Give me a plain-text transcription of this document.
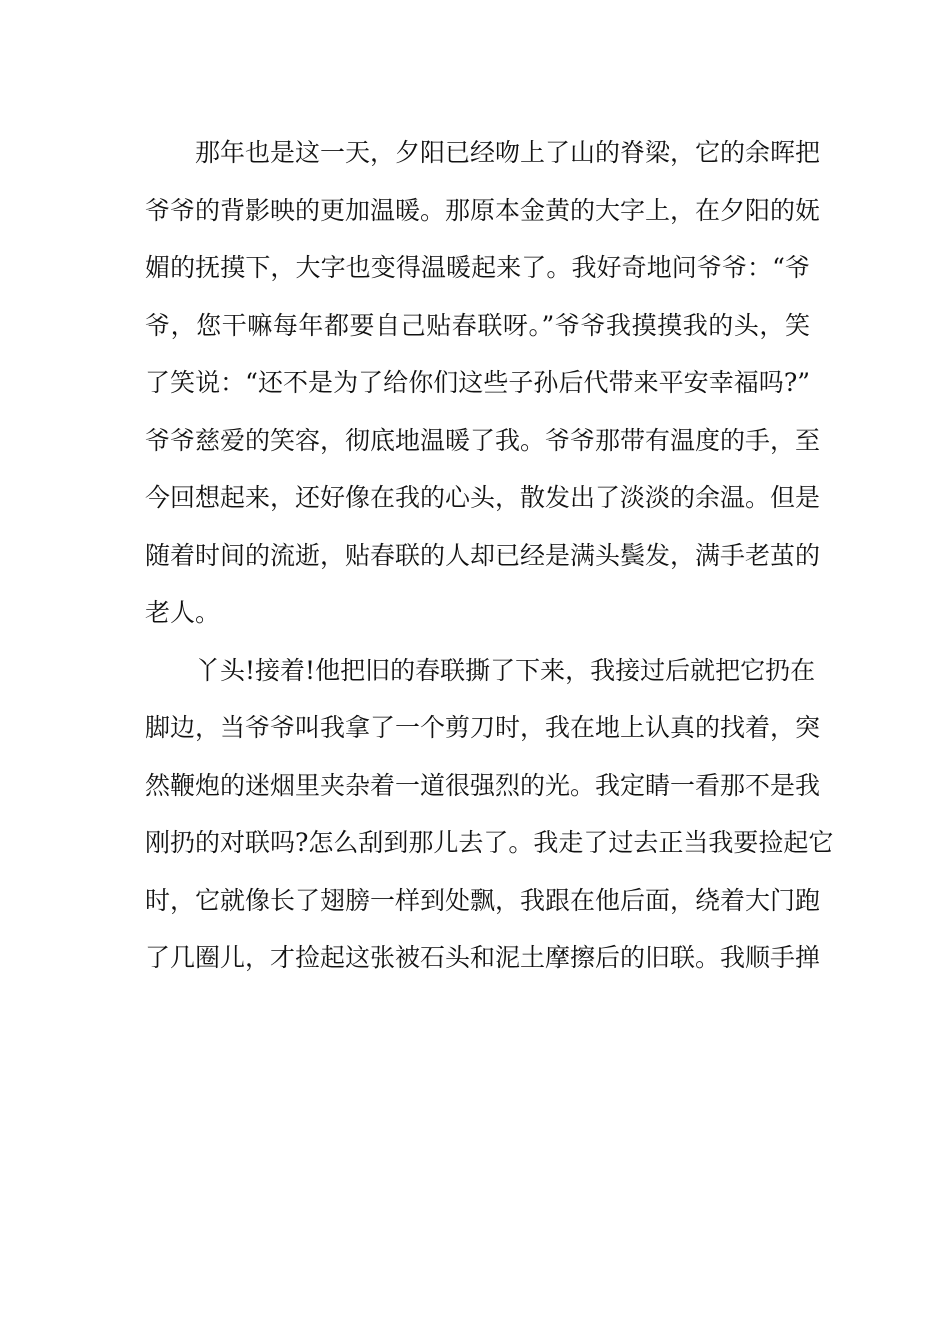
那年也是这一天，夕阳已经吻上了山的脊梁，它的余晖把
爷爷的背影映的更加温暖。那原本金黄的大字上，在夕阳的妩
媚的抚摸下，大字也变得温暖起来了。我好奇地问爷爷：“爷
爷，您干嘛每年都要自己贴春联呀。”爷爷我摸摸我的头，笑
了笑说：“还不是为了给你们这些子孙后代带来平安幸福吗?”
爷爷慈爱的笑容，彻底地温暖了我。爷爷那带有温度的手，至
今回想起来，还好像在我的心头，散发出了淡淡的余温。但是
随着时间的流逝，贴春联的人却已经是满头鬓发，满手老茧的
老人。
丫头!接着!他把旧的春联撕了下来，我接过后就把它扔在
脚边，当爷爷叫我拿了一个剪刀时，我在地上认真的找着，突
然鞭炮的迷烟里夹杂着一道很强烈的光。我定睛一看那不是我
刚扔的对联吗?怎么刮到那儿去了。我走了过去正当我要捡起它
时，它就像长了翅膀一样到处飘，我跟在他后面，绕着大门跑
了几圈儿，才捡起这张被石头和泥土摩擦后的旧联。我顺手掸
